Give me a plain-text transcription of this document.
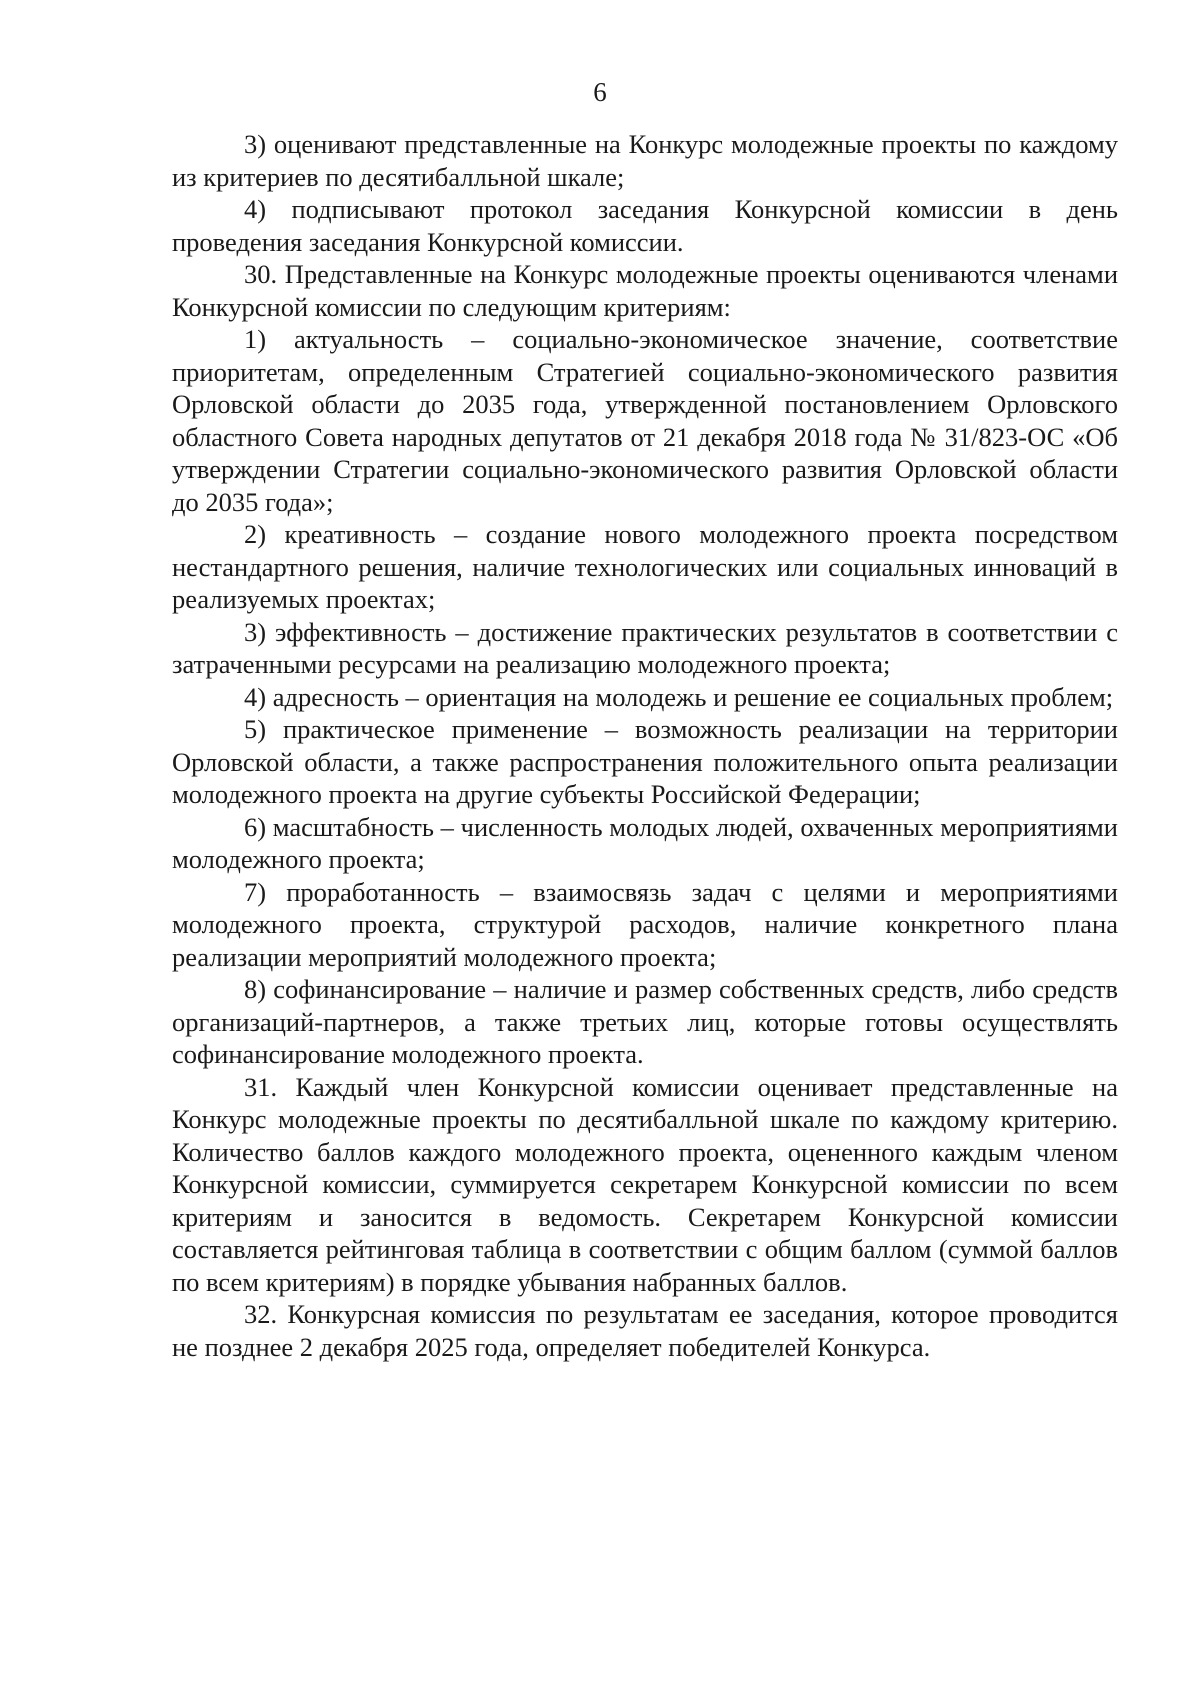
6

3) оценивают представленные на Конкурс молодежные проекты по каждому из критериев по десятибалльной шкале;

4) подписывают протокол заседания Конкурсной комиссии в день проведения заседания Конкурсной комиссии.

30. Представленные на Конкурс молодежные проекты оцениваются членами Конкурсной комиссии по следующим критериям:

1) актуальность – социально-экономическое значение, соответствие приоритетам, определенным Стратегией социально-экономического развития Орловской области до 2035 года, утвержденной постановлением Орловского областного Совета народных депутатов от 21 декабря 2018 года № 31/823-ОС «Об утверждении Стратегии социально-экономического развития Орловской области до 2035 года»;

2) креативность – создание нового молодежного проекта посредством нестандартного решения, наличие технологических или социальных инноваций в реализуемых проектах;

3) эффективность – достижение практических результатов в соответствии с затраченными ресурсами на реализацию молодежного проекта;

4) адресность – ориентация на молодежь и решение ее социальных проблем;

5) практическое применение – возможность реализации на территории Орловской области, а также распространения положительного опыта реализации молодежного проекта на другие субъекты Российской Федерации;

6) масштабность – численность молодых людей, охваченных мероприятиями молодежного проекта;

7) проработанность – взаимосвязь задач с целями и мероприятиями молодежного проекта, структурой расходов, наличие конкретного плана реализации мероприятий молодежного проекта;

8) софинансирование – наличие и размер собственных средств, либо средств организаций-партнеров, а также третьих лиц, которые готовы осуществлять софинансирование молодежного проекта.

31. Каждый член Конкурсной комиссии оценивает представленные на Конкурс молодежные проекты по десятибалльной шкале по каждому критерию. Количество баллов каждого молодежного проекта, оцененного каждым членом Конкурсной комиссии, суммируется секретарем Конкурсной комиссии по всем критериям и заносится в ведомость. Секретарем Конкурсной комиссии составляется рейтинговая таблица в соответствии с общим баллом (суммой баллов по всем критериям) в порядке убывания набранных баллов.

32. Конкурсная комиссия по результатам ее заседания, которое проводится не позднее 2 декабря 2025 года, определяет победителей Конкурса.
